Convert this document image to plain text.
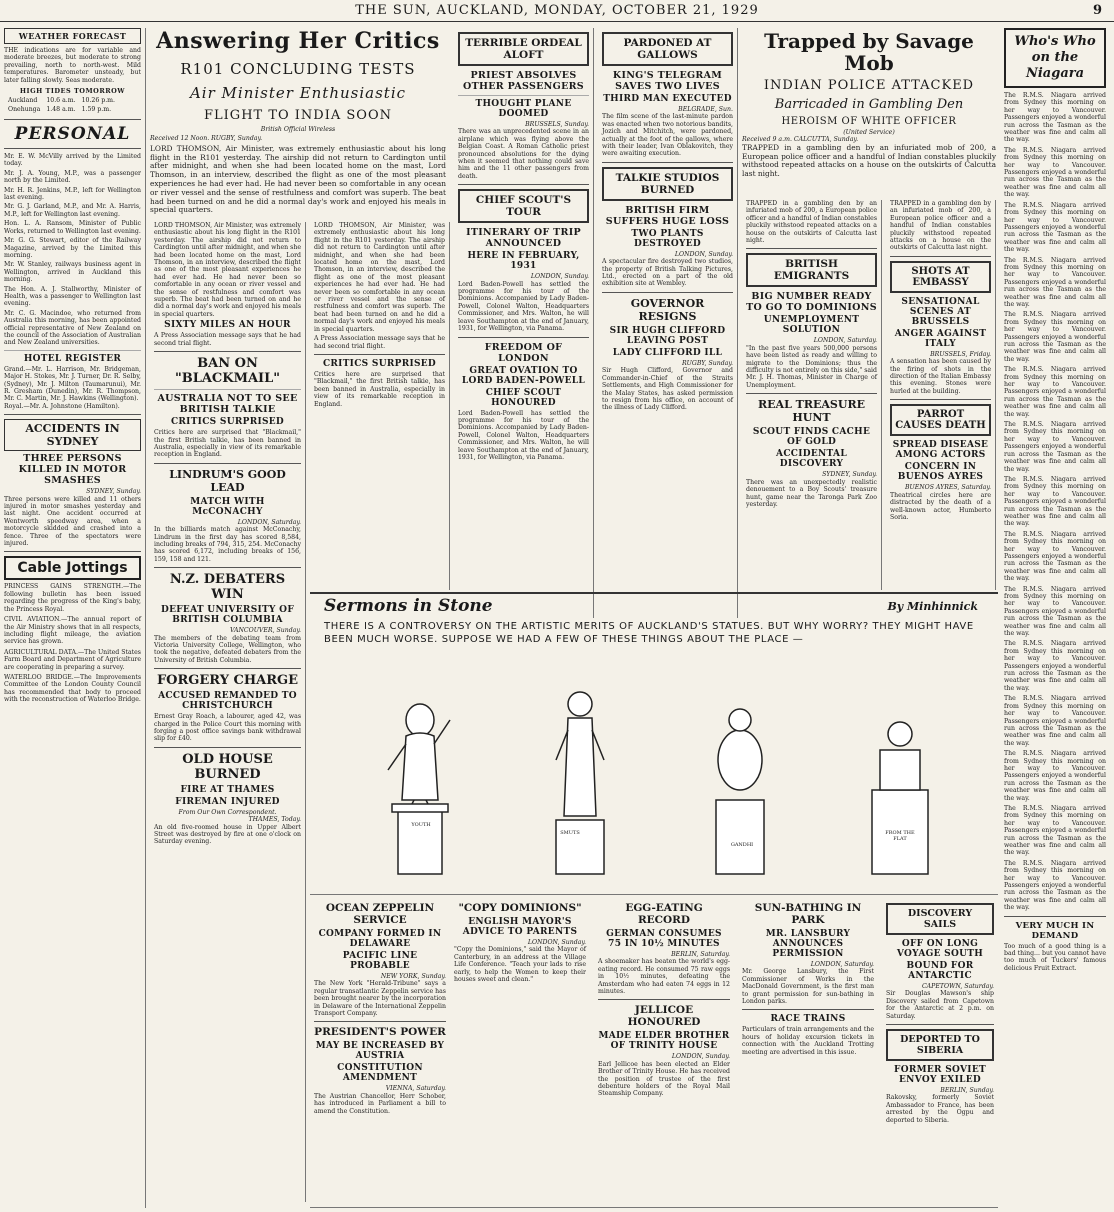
THE SUN, AUCKLAND, MONDAY, OCTOBER 21, 1929	9
WEATHER FORECAST
THE indications are for variable and moderate breezes, but moderate to strong prevailing, north to north-west. Mild temperatures. Barometer unsteady, but later falling slowly. Seas moderate.
HIGH TIDES TOMORROW
Auckland	10.6 a.m.	10.26 p.m.
Onehunga	1.48 a.m.	1.59 p.m.
PERSONAL
Mr. E. W. McVilly arrived by the Limited today.
Mr. J. A. Young, M.P., was a passenger north by the Limited.
Mr. H. R. Jenkins, M.P., left for Wellington last evening.
Mr. G. J. Garland, M.P., and Mr. A. Harris, M.P., left for Wellington last evening.
Hon. L. A. Ransom, Minister of Public Works, returned to Wellington last evening.
Mr. G. G. Stewart, editor of the Railway Magazine, arrived by the Limited this morning.
Mr. W. Stanley, railways business agent in Wellington, arrived in Auckland this morning.
The Hon. A. J. Stallworthy, Minister of Health, was a passenger to Wellington last evening.
Mr. C. G. Macindoe, who returned from Australia this morning, has been appointed official representative of New Zealand on the council of the Association of Australian and New Zealand universities.
HOTEL REGISTER
Grand.—Mr. L. Harrison, Mr. Bridgeman, Major H. Stokes, Mr. J. Turner, Dr. R. Selby, (Sydney), Mr. J. Milton (Taumarunui), Mr. R. Gresham (Dunedin), Mr. R. Thompson, Mr. C. Martin, Mr. J. Hawkins (Wellington).
Royal.—Mr. A. Johnstone (Hamilton).
ACCIDENTS IN SYDNEY
THREE PERSONS KILLED IN MOTOR SMASHES
SYDNEY, Sunday.
Three persons were killed and 11 others injured in motor smashes yesterday and last night. One accident occurred at Wentworth speedway area, when a motorcycle skidded and crashed into a fence. Three of the spectators were injured.
Cable Jottings
PRINCESS GAINS STRENGTH.—The following bulletin has been issued regarding the progress of the King's baby, the Princess Royal.
CIVIL AVIATION.—The annual report of the Air Ministry shows that in all respects, including flight mileage, the aviation service has grown.
AGRICULTURAL DATA.—The United States Farm Board and Department of Agriculture are cooperating in preparing a survey.
WATERLOO BRIDGE.—The Improvements Committee of the London County Council has recommended that body to proceed with the reconstruction of Waterloo Bridge.
Answering Her Critics
R101 CONCLUDING TESTS
Air Minister Enthusiastic
FLIGHT TO INDIA SOON
British Official Wireless
Received 12 Noon. RUGBY, Sunday.
LORD THOMSON, Air Minister, was extremely enthusiastic about his long flight in the R101 yesterday. The airship did not return to Cardington until after midnight, and when she had been located home on the mast, Lord Thomson, in an interview, described the flight as one of the most pleasant experiences he had ever had. He had never been so comfortable in any ocean or river vessel and the sense of restfulness and comfort was superb. The beat had been turned on and he did a normal day's work and enjoyed his meals in special quarters.
LORD THOMSON, Air Minister, was extremely enthusiastic about his long flight in the R101 yesterday. The airship did not return to Cardington until after midnight, and when she had been located home on the mast, Lord Thomson, in an interview, described the flight as one of the most pleasant experiences he had ever had. He had never been so comfortable in any ocean or river vessel and the sense of restfulness and comfort was superb. The beat had been turned on and he did a normal day's work and enjoyed his meals in special quarters.
SIXTY MILES AN HOUR
A Press Association message says that he had second trial flight.
BAN ON "BLACKMAIL"
AUSTRALIA NOT TO SEE BRITISH TALKIE
CRITICS SURPRISED
Critics here are surprised that "Blackmail," the first British talkie, has been banned in Australia, especially in view of its remarkable reception in England.
LINDRUM'S GOOD LEAD
MATCH WITH McCONACHY
LONDON, Saturday.
In the billiards match against McConachy, Lindrum in the first day has scored 8,584, including breaks of 794, 315, 254. McConachy has scored 6,172, including breaks of 156, 159, 158 and 121.
N.Z. DEBATERS WIN
DEFEAT UNIVERSITY OF BRITISH COLUMBIA
VANCOUVER, Sunday.
The members of the debating team from Victoria University College, Wellington, who took the negative, defeated debaters from the University of British Columbia.
FORGERY CHARGE
ACCUSED REMANDED TO CHRISTCHURCH
Ernest Gray Roach, a labourer, aged 42, was charged in the Police Court this morning with forging a post office savings bank withdrawal slip for £40.
OLD HOUSE BURNED
FIRE AT THAMES
FIREMAN INJURED
From Our Own Correspondent.
THAMES, Today.
An old five-roomed house in Upper Albert Street was destroyed by fire at one o'clock on Saturday evening.
LORD THOMSON, Air Minister, was extremely enthusiastic about his long flight in the R101 yesterday. The airship did not return to Cardington until after midnight, and when she had been located home on the mast, Lord Thomson, in an interview, described the flight as one of the most pleasant experiences he had ever had. He had never been so comfortable in any ocean or river vessel and the sense of restfulness and comfort was superb. The beat had been turned on and he did a normal day's work and enjoyed his meals in special quarters.
A Press Association message says that he had second trial flight.
CRITICS SURPRISED
Critics here are surprised that "Blackmail," the first British talkie, has been banned in Australia, especially in view of its remarkable reception in England.
TERRIBLE ORDEAL ALOFT
PRIEST ABSOLVES OTHER PASSENGERS
THOUGHT PLANE DOOMED
BRUSSELS, Sunday.
There was an unprecedented scene in an airplane which was flying above the Belgian Coast. A Roman Catholic priest pronounced absolutions for the dying when it seemed that nothing could save him and the 11 other passengers from death.
CHIEF SCOUT'S TOUR
ITINERARY OF TRIP ANNOUNCED
HERE IN FEBRUARY, 1931
LONDON, Sunday.
Lord Baden-Powell has settled the programme for his tour of the Dominions. Accompanied by Lady Baden-Powell, Colonel Walton, Headquarters Commissioner, and Mrs. Walton, he will leave Southampton at the end of January, 1931, for Wellington, via Panama.
FREEDOM OF LONDON
GREAT OVATION TO LORD BADEN-POWELL
CHIEF SCOUT HONOURED
Lord Baden-Powell has settled the programme for his tour of the Dominions. Accompanied by Lady Baden-Powell, Colonel Walton, Headquarters Commissioner, and Mrs. Walton, he will leave Southampton at the end of January, 1931, for Wellington, via Panama.
PARDONED AT GALLOWS
KING'S TELEGRAM SAVES TWO LIVES
THIRD MAN EXECUTED
BELGRADE, Sun.
The film scene of the last-minute pardon was enacted when two notorious bandits, Jozich and Mitchitch, were pardoned, actually at the foot of the gallows, where with their leader, Ivan Oblakovitch, they were awaiting execution.
TALKIE STUDIOS BURNED
BRITISH FIRM SUFFERS HUGE LOSS
TWO PLANTS DESTROYED
LONDON, Sunday.
A spectacular fire destroyed two studios, the property of British Talking Pictures, Ltd., erected on a part of the old exhibition site at Wembley.
GOVERNOR RESIGNS
SIR HUGH CLIFFORD LEAVING POST
LADY CLIFFORD ILL
RUGBY, Sunday.
Sir Hugh Clifford, Governor and Commander-in-Chief of the Straits Settlements, and High Commissioner for the Malay States, has asked permission to resign from his office, on account of the illness of Lady Clifford.
Trapped by Savage Mob
INDIAN POLICE ATTACKED
Barricaded in Gambling Den
HEROISM OF WHITE OFFICER
(United Service)
Received 9 a.m. CALCUTTA, Sunday.
TRAPPED in a gambling den by an infuriated mob of 200, a European police officer and a handful of Indian constables pluckily withstood repeated attacks on a house on the outskirts of Calcutta last night.
TRAPPED in a gambling den by an infuriated mob of 200, a European police officer and a handful of Indian constables pluckily withstood repeated attacks on a house on the outskirts of Calcutta last night.
BRITISH EMIGRANTS
BIG NUMBER READY TO GO TO DOMINIONS
UNEMPLOYMENT SOLUTION
LONDON, Saturday.
"In the past five years 500,000 persons have been listed as ready and willing to migrate to the Dominions; thus the difficulty is not entirely on this side," said Mr. J. H. Thomas, Minister in Charge of Unemployment.
REAL TREASURE HUNT
SCOUT FINDS CACHE OF GOLD
ACCIDENTAL DISCOVERY
SYDNEY, Sunday.
There was an unexpectedly realistic denouement to a Boy Scouts' treasure hunt, game near the Taronga Park Zoo yesterday.
TRAPPED in a gambling den by an infuriated mob of 200, a European police officer and a handful of Indian constables pluckily withstood repeated attacks on a house on the outskirts of Calcutta last night.
SHOTS AT EMBASSY
SENSATIONAL SCENES AT BRUSSELS
ANGER AGAINST ITALY
BRUSSELS, Friday.
A sensation has been caused by the firing of shots in the direction of the Italian Embassy this evening. Stones were hurled at the building.
PARROT CAUSES DEATH
SPREAD DISEASE AMONG ACTORS
CONCERN IN BUENOS AYRES
BUENOS AYRES, Saturday.
Theatrical circles here are distracted by the death of a well-known actor, Humberto Soria.
Who's Who on the Niagara
The R.M.S. Niagara arrived from Sydney this morning on her way to Vancouver. Passengers enjoyed a wonderful run across the Tasman as the weather was fine and calm all the way.
The R.M.S. Niagara arrived from Sydney this morning on her way to Vancouver. Passengers enjoyed a wonderful run across the Tasman as the weather was fine and calm all the way.
The R.M.S. Niagara arrived from Sydney this morning on her way to Vancouver. Passengers enjoyed a wonderful run across the Tasman as the weather was fine and calm all the way.
The R.M.S. Niagara arrived from Sydney this morning on her way to Vancouver. Passengers enjoyed a wonderful run across the Tasman as the weather was fine and calm all the way.
The R.M.S. Niagara arrived from Sydney this morning on her way to Vancouver. Passengers enjoyed a wonderful run across the Tasman as the weather was fine and calm all the way.
The R.M.S. Niagara arrived from Sydney this morning on her way to Vancouver. Passengers enjoyed a wonderful run across the Tasman as the weather was fine and calm all the way.
The R.M.S. Niagara arrived from Sydney this morning on her way to Vancouver. Passengers enjoyed a wonderful run across the Tasman as the weather was fine and calm all the way.
The R.M.S. Niagara arrived from Sydney this morning on her way to Vancouver. Passengers enjoyed a wonderful run across the Tasman as the weather was fine and calm all the way.
The R.M.S. Niagara arrived from Sydney this morning on her way to Vancouver. Passengers enjoyed a wonderful run across the Tasman as the weather was fine and calm all the way.
The R.M.S. Niagara arrived from Sydney this morning on her way to Vancouver. Passengers enjoyed a wonderful run across the Tasman as the weather was fine and calm all the way.
The R.M.S. Niagara arrived from Sydney this morning on her way to Vancouver. Passengers enjoyed a wonderful run across the Tasman as the weather was fine and calm all the way.
The R.M.S. Niagara arrived from Sydney this morning on her way to Vancouver. Passengers enjoyed a wonderful run across the Tasman as the weather was fine and calm all the way.
The R.M.S. Niagara arrived from Sydney this morning on her way to Vancouver. Passengers enjoyed a wonderful run across the Tasman as the weather was fine and calm all the way.
The R.M.S. Niagara arrived from Sydney this morning on her way to Vancouver. Passengers enjoyed a wonderful run across the Tasman as the weather was fine and calm all the way.
The R.M.S. Niagara arrived from Sydney this morning on her way to Vancouver. Passengers enjoyed a wonderful run across the Tasman as the weather was fine and calm all the way.
VERY MUCH IN DEMAND
Too much of a good thing is a bad thing... but you cannot have too much of Tuckers' famous delicious Fruit Extract.
Sermons in Stone	By Minhinnick
THERE IS A CONTROVERSY ON THE ARTISTIC MERITS OF AUCKLAND'S STATUES. BUT WHY WORRY? THEY MIGHT HAVE BEEN MUCH WORSE. SUPPOSE WE HAD A FEW OF THESE THINGS ABOUT THE PLACE —
YOUTH
GANDHI
FROM THE FLAT
SMUTS
OCEAN ZEPPELIN SERVICE
COMPANY FORMED IN DELAWARE
PACIFIC LINE PROBABLE
NEW YORK, Sunday.
The New York "Herald-Tribune" says a regular transatlantic Zeppelin service has been brought nearer by the incorporation in Delaware of the International Zeppelin Transport Company.
PRESIDENT'S POWER
MAY BE INCREASED BY AUSTRIA
CONSTITUTION AMENDMENT
VIENNA, Saturday.
The Austrian Chancellor, Herr Schober, has introduced in Parliament a bill to amend the Constitution.
"COPY DOMINIONS"
ENGLISH MAYOR'S ADVICE TO PARENTS
LONDON, Sunday.
"Copy the Dominions," said the Mayor of Canterbury, in an address at the Village Life Conference. "Teach your lads to rise early, to help the Women to keep their houses sweet and clean."
EGG-EATING RECORD
GERMAN CONSUMES 75 IN 10½ MINUTES
BERLIN, Saturday.
A shoemaker has beaten the world's egg-eating record. He consumed 75 raw eggs in 10½ minutes, defeating the Amsterdam who had eaten 74 eggs in 12 minutes.
JELLICOE HONOURED
MADE ELDER BROTHER OF TRINITY HOUSE
LONDON, Sunday.
Earl Jellicoe has been elected an Elder Brother of Trinity House. He has received the position of trustee of the first debenture holders of the Royal Mail Steamship Company.
SUN-BATHING IN PARK
MR. LANSBURY ANNOUNCES PERMISSION
LONDON, Saturday.
Mr. George Lansbury, the First Commissioner of Works in the MacDonald Government, is the first man to grant permission for sun-bathing in London parks.
RACE TRAINS
Particulars of train arrangements and the hours of holiday excursion tickets in connection with the Auckland Trotting meeting are advertised in this issue.
DISCOVERY SAILS
OFF ON LONG VOYAGE SOUTH
BOUND FOR ANTARCTIC
CAPETOWN, Saturday.
Sir Douglas Mawson's ship Discovery sailed from Capetown for the Antarctic at 2 p.m. on Saturday.
DEPORTED TO SIBERIA
FORMER SOVIET ENVOY EXILED
BERLIN, Sunday.
Rakovsky, formerly Soviet Ambassador to France, has been arrested by the Ogpu and deported to Siberia.
